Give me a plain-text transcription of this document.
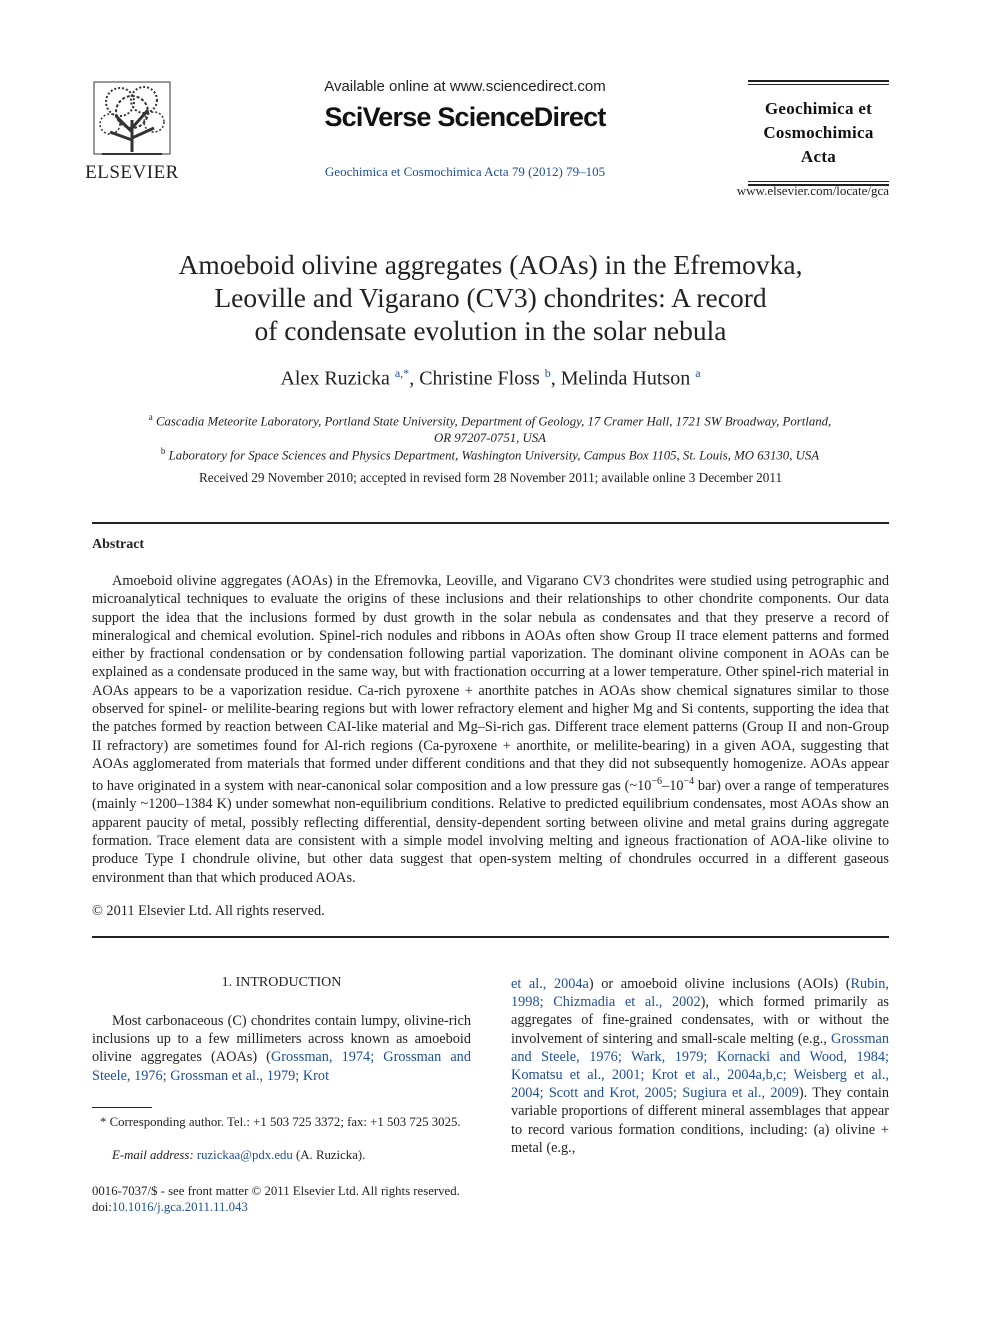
ELSEVIER
Available online at www.sciencedirect.com
SciVerse ScienceDirect
Geochimica et Cosmochimica Acta 79 (2012) 79–105
Geochimica et
Cosmochimica
Acta
www.elsevier.com/locate/gca
Amoeboid olivine aggregates (AOAs) in the Efremovka,
Leoville and Vigarano (CV3) chondrites: A record
of condensate evolution in the solar nebula
Alex Ruzicka $^{a,*}$, Christine Floss $^b$, Melinda Hutson $^a$
$^a$ Cascadia Meteorite Laboratory, Portland State University, Department of Geology, 17 Cramer Hall, 1721 SW Broadway, Portland,
OR 97207-0751, USA
$^b$ Laboratory for Space Sciences and Physics Department, Washington University, Campus Box 1105, St. Louis, MO 63130, USA
Received 29 November 2010; accepted in revised form 28 November 2011; available online 3 December 2011
Abstract
Amoeboid olivine aggregates (AOAs) in the Efremovka, Leoville, and Vigarano CV3 chondrites were studied using petrographic and microanalytical techniques to evaluate the origins of these inclusions and their relationships to other chondrite components. Our data support the idea that the inclusions formed by dust growth in the solar nebula as condensates and that they preserve a record of mineralogical and chemical evolution. Spinel-rich nodules and ribbons in AOAs often show Group II trace element patterns and formed either by fractional condensation or by condensation following partial vaporization. The dominant olivine component in AOAs can be explained as a condensate produced in the same way, but with fractionation occurring at a lower temperature. Other spinel-rich material in AOAs appears to be a vaporization residue. Ca-rich pyroxene + anorthite patches in AOAs show chemical signatures similar to those observed for spinel- or melilite-bearing regions but with lower refractory element and higher Mg and Si contents, supporting the idea that the patches formed by reaction between CAI-like material and Mg–Si-rich gas. Different trace element patterns (Group II and non-Group II refractory) are sometimes found for Al-rich regions (Ca-pyroxene + anorthite, or melilite-bearing) in a given AOA, suggesting that AOAs agglomerated from materials that formed under different conditions and that they did not subsequently homogenize. AOAs appear to have originated in a system with near-canonical solar composition and a low pressure gas ($\sim 10^{-6}-10^{-4}$ bar) over a range of temperatures (mainly ~1200–1384 K) under somewhat non-equilibrium conditions. Relative to predicted equilibrium condensates, most AOAs show an apparent paucity of metal, possibly reflecting differential, density-dependent sorting between olivine and metal grains during aggregate formation. Trace element data are consistent with a simple model involving melting and igneous fractionation of AOA-like olivine to produce Type I chondrule olivine, but other data suggest that open-system melting of chondrules occurred in a different gaseous environment than that which produced AOAs.
© 2011 Elsevier Ltd. All rights reserved.
1. INTRODUCTION
Most carbonaceous (C) chondrites contain lumpy, olivine-rich inclusions up to a few millimeters across known as amoeboid olivine aggregates (AOAs) (Grossman, 1974; Grossman and Steele, 1976; Grossman et al., 1979; Krot
et al., 2004a) or amoeboid olivine inclusions (AOIs) (Rubin, 1998; Chizmadia et al., 2002), which formed primarily as aggregates of fine-grained condensates, with or without the involvement of sintering and small-scale melting (e.g., Grossman and Steele, 1976; Wark, 1979; Kornacki and Wood, 1984; Komatsu et al., 2001; Krot et al., 2004a,b,c; Weisberg et al., 2004; Scott and Krot, 2005; Sugiura et al., 2009). They contain variable proportions of different mineral assemblages that appear to record various formation conditions, including: (a) olivine + metal (e.g.,
* Corresponding author. Tel.: +1 503 725 3372; fax: +1 503 725 3025.
E-mail address: ruzickaa@pdx.edu (A. Ruzicka).
0016-7037/$ - see front matter © 2011 Elsevier Ltd. All rights reserved.
doi:10.1016/j.gca.2011.11.043
